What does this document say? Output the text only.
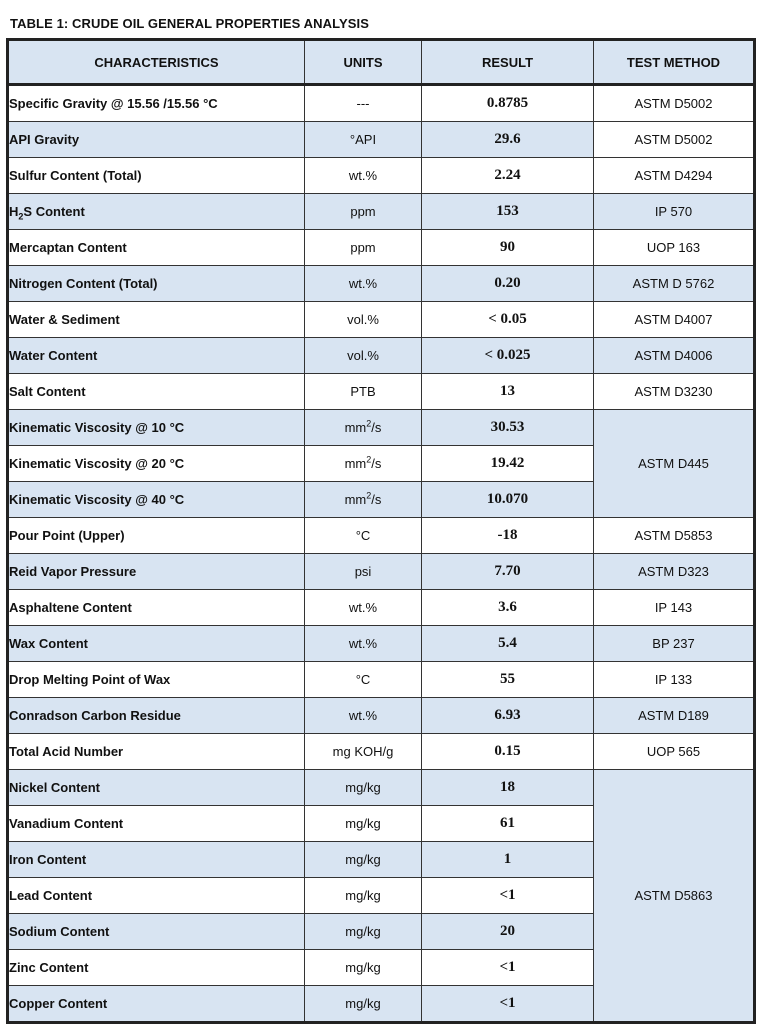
TABLE 1: CRUDE OIL GENERAL PROPERTIES ANALYSIS
CHARACTERISTICS	UNITS	RESULT	TEST METHOD
Specific Gravity @ 15.56 /15.56 °C	---	0.8785	ASTM D5002
API Gravity	°API	29.6	ASTM D5002
Sulfur Content (Total)	wt.%	2.24	ASTM D4294
$H_2S$ Content	ppm	153	IP 570
Mercaptan Content	ppm	90	UOP 163
Nitrogen Content (Total)	wt.%	0.20	ASTM D 5762
Water & Sediment	vol.%	< 0.05	ASTM D4007
Water Content	vol.%	< 0.025	ASTM D4006
Salt Content	PTB	13	ASTM D3230
Kinematic Viscosity @ 10 °C	$mm^2/s$	30.53	ASTM D445
Kinematic Viscosity @ 20 °C	$mm^2/s$	19.42	
Kinematic Viscosity @ 40 °C	$mm^2/s$	10.070	
Pour Point (Upper)	°C	-18	ASTM D5853
Reid Vapor Pressure	psi	7.70	ASTM D323
Asphaltene Content	wt.%	3.6	IP 143
Wax Content	wt.%	5.4	BP 237
Drop Melting Point of Wax	°C	55	IP 133
Conradson Carbon Residue	wt.%	6.93	ASTM D189
Total Acid Number	mg KOH/g	0.15	UOP 565
Nickel Content	mg/kg	18	ASTM D5863
Vanadium Content	mg/kg	61	
Iron Content	mg/kg	1	
Lead Content	mg/kg	<1	
Sodium Content	mg/kg	20	
Zinc Content	mg/kg	<1	
Copper Content	mg/kg	<1	
